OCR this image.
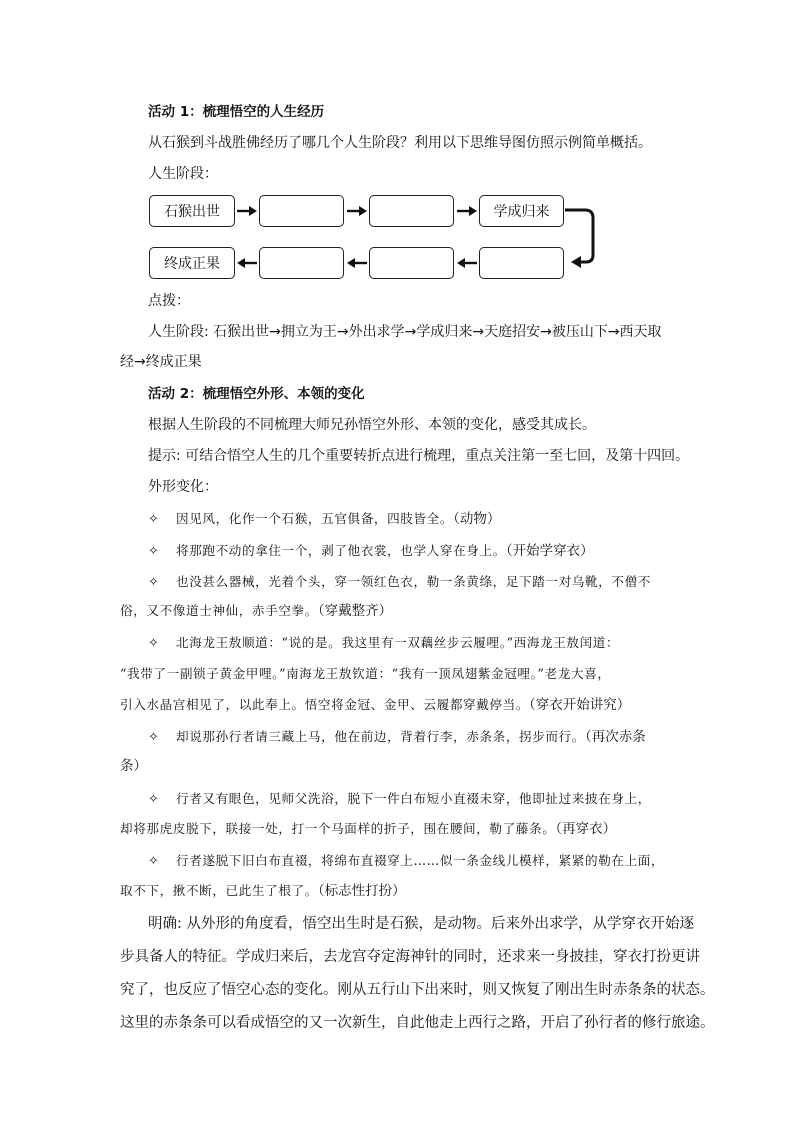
活动 1：梳理悟空的人生经历
从石猴到斗战胜佛经历了哪几个人生阶段？利用以下思维导图仿照示例简单概括。
人生阶段：
石猴出世	学成归来
终成正果
点拨：
人生阶段: 石猴出世→拥立为王→外出求学→学成归来→天庭招安→被压山下→西天取
经→终成正果
活动 2：梳理悟空外形、本领的变化
根据人生阶段的不同梳理大师兄孙悟空外形、本领的变化，感受其成长。
提示: 可结合悟空人生的几个重要转折点进行梳理，重点关注第一至七回，及第十四回。
外形变化：
✧ 因见风，化作一个石猴，五官俱备，四肢皆全。（动物）
✧ 将那跑不动的拿住一个，剥了他衣裳，也学人穿在身上。（开始学穿衣）
✧ 也没甚么器械，光着个头，穿一领红色衣，勒一条黄绦，足下踏一对乌靴，不僧不
俗，又不像道士神仙，赤手空拳。（穿戴整齐）
✧ 北海龙王敖顺道：“说的是。我这里有一双藕丝步云履哩。”西海龙王敖闰道：
“我带了一副锁子黄金甲哩。”南海龙王敖钦道：“我有一顶凤翅紫金冠哩。”老龙大喜，
引入水晶宫相见了，以此奉上。悟空将金冠、金甲、云履都穿戴停当。（穿衣开始讲究）
✧ 却说那孙行者请三藏上马，他在前边，背着行李，赤条条，拐步而行。（再次赤条
条）
✧ 行者又有眼色，见师父洗浴，脱下一件白布短小直裰未穿，他即扯过来披在身上，
却将那虎皮脱下，联接一处，打一个马面样的折子，围在腰间，勒了藤条。（再穿衣）
✧ 行者遂脱下旧白布直裰，将绵布直裰穿上……似一条金线儿模样，紧紧的勒在上面，
取不下，揪不断，已此生了根了。（标志性打扮）
明确: 从外形的角度看，悟空出生时是石猴，是动物。后来外出求学，从学穿衣开始逐
步具备人的特征。学成归来后，去龙宫夺定海神针的同时，还求来一身披挂，穿衣打扮更讲
究了，也反应了悟空心态的变化。刚从五行山下出来时，则又恢复了刚出生时赤条条的状态。
这里的赤条条可以看成悟空的又一次新生，自此他走上西行之路，开启了孙行者的修行旅途。
